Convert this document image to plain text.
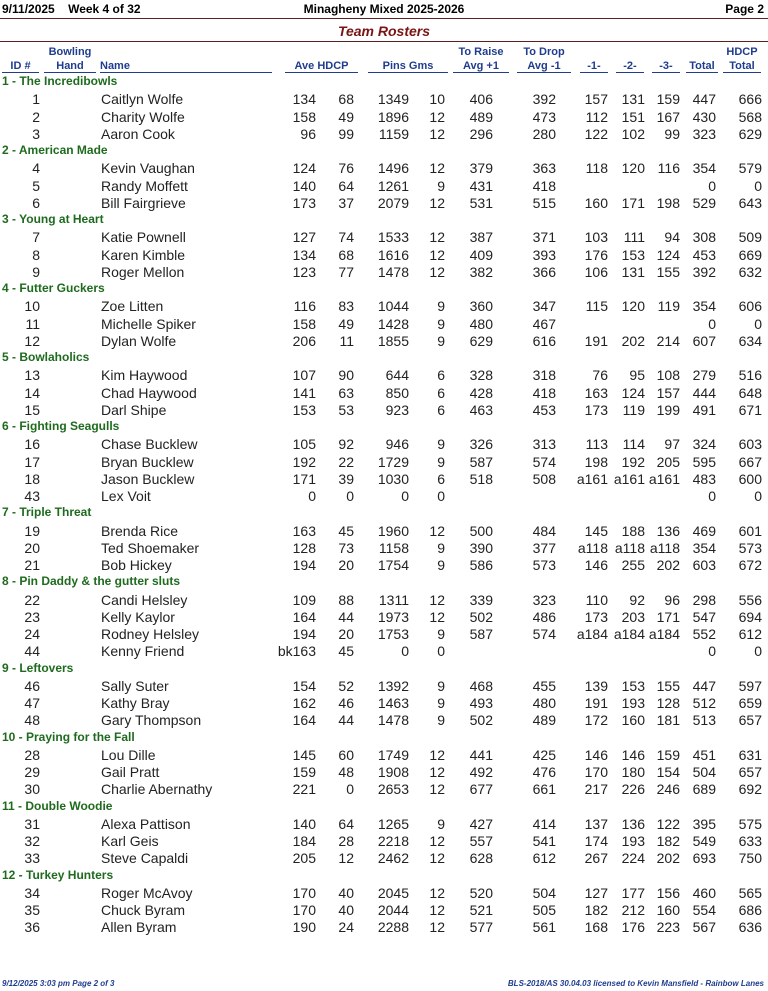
9/11/2025 Week 4 of 32	Minagheny Mixed 2025-2026	Page 2
Team Rosters
ID #
Bowling
Hand	Name	Ave HDCP	Pins Gms
To Raise
Avg +1
To Drop
Avg -1	-1-	-2-	-3-	Total
HDCP
Total
1 - The Incredibowls
1	Caitlyn Wolfe	134 68 1349 10 406	392 157 131 159 447 666
2	Charity Wolfe	158 49 1896 12 489	473 112 151 167 430 568
3	Aaron Cook	96 99 1159 12 296	280 122 102 99 323 629
2 - American Made
4	Kevin Vaughan	124 76 1496 12 379	363 118 120 116 354 579
5	Randy Moffett	140 64 1261 9 431	418	0	0
6	Bill Fairgrieve	173 37 2079 12 531	515 160 171 198 529 643
3 - Young at Heart
7	Katie Pownell	127 74 1533 12 387	371 103 111 94 308 509
8	Karen Kimble	134 68 1616 12 409	393 176 153 124 453 669
9	Roger Mellon	123 77 1478 12 382	366 106 131 155 392 632
4 - Futter Guckers
10	Zoe Litten	116 83 1044 9 360	347 115 120 119 354 606
11	Michelle Spiker	158 49 1428 9 480	467	0	0
12	Dylan Wolfe	206 11 1855 9 629	616 191 202 214 607 634
5 - Bowlaholics
13	Kim Haywood	107 90 644 6 328	318	76 95 108 279 516
14	Chad Haywood	141 63 850 6 428	418 163 124 157 444 648
15	Darl Shipe	153 53 923 6 463	453 173 119 199 491 671
6 - Fighting Seagulls
16	Chase Bucklew	105 92 946 9 326	313 113 114 97 324 603
17	Bryan Bucklew	192 22 1729 9 587	574 198 192 205 595 667
18	Jason Bucklew	171 39 1030 6 518	508 a161 a161 a161 483 600
43	Lex Voit	0 0	0 0	0	0
7 - Triple Threat
19	Brenda Rice	163 45 1960 12 500	484 145 188 136 469 601
20	Ted Shoemaker	128 73 1158 9 390	377 a118 a118 a118 354 573
21	Bob Hickey	194 20 1754 9 586	573 146 255 202 603 672
8 - Pin Daddy & the gutter sluts
22	Candi Helsley	109 88 1311 12 339	323 110 92 96 298 556
23	Kelly Kaylor	164 44 1973 12 502	486 173 203 171 547 694
24	Rodney Helsley	194 20 1753 9 587	574 a184 a184 a184 552 612
44	Kenny Friend	bk163 45	0 0	0	0
9 - Leftovers
46	Sally Suter	154 52 1392 9 468	455 139 153 155 447 597
47	Kathy Bray	162 46 1463 9 493	480 191 193 128 512 659
48	Gary Thompson	164 44 1478 9 502	489 172 160 181 513 657
10 - Praying for the Fall
28	Lou Dille	145 60 1749 12 441	425 146 146 159 451 631
29	Gail Pratt	159 48 1908 12 492	476 170 180 154 504 657
30	Charlie Abernathy	221 0 2653 12 677	661 217 226 246 689 692
11 - Double Woodie
31	Alexa Pattison	140 64 1265 9 427	414 137 136 122 395 575
32	Karl Geis	184 28 2218 12 557	541 174 193 182 549 633
33	Steve Capaldi	205 12 2462 12 628	612 267 224 202 693 750
12 - Turkey Hunters
34	Roger McAvoy	170 40 2045 12 520	504 127 177 156 460 565
35	Chuck Byram	170 40 2044 12 521	505 182 212 160 554 686
36	Allen Byram	190 24 2288 12 577	561 168 176 223 567 636
9/12/2025 3:03 pm Page 2 of 3	BLS-2018/AS 30.04.03 licensed to Kevin Mansfield - Rainbow Lanes
